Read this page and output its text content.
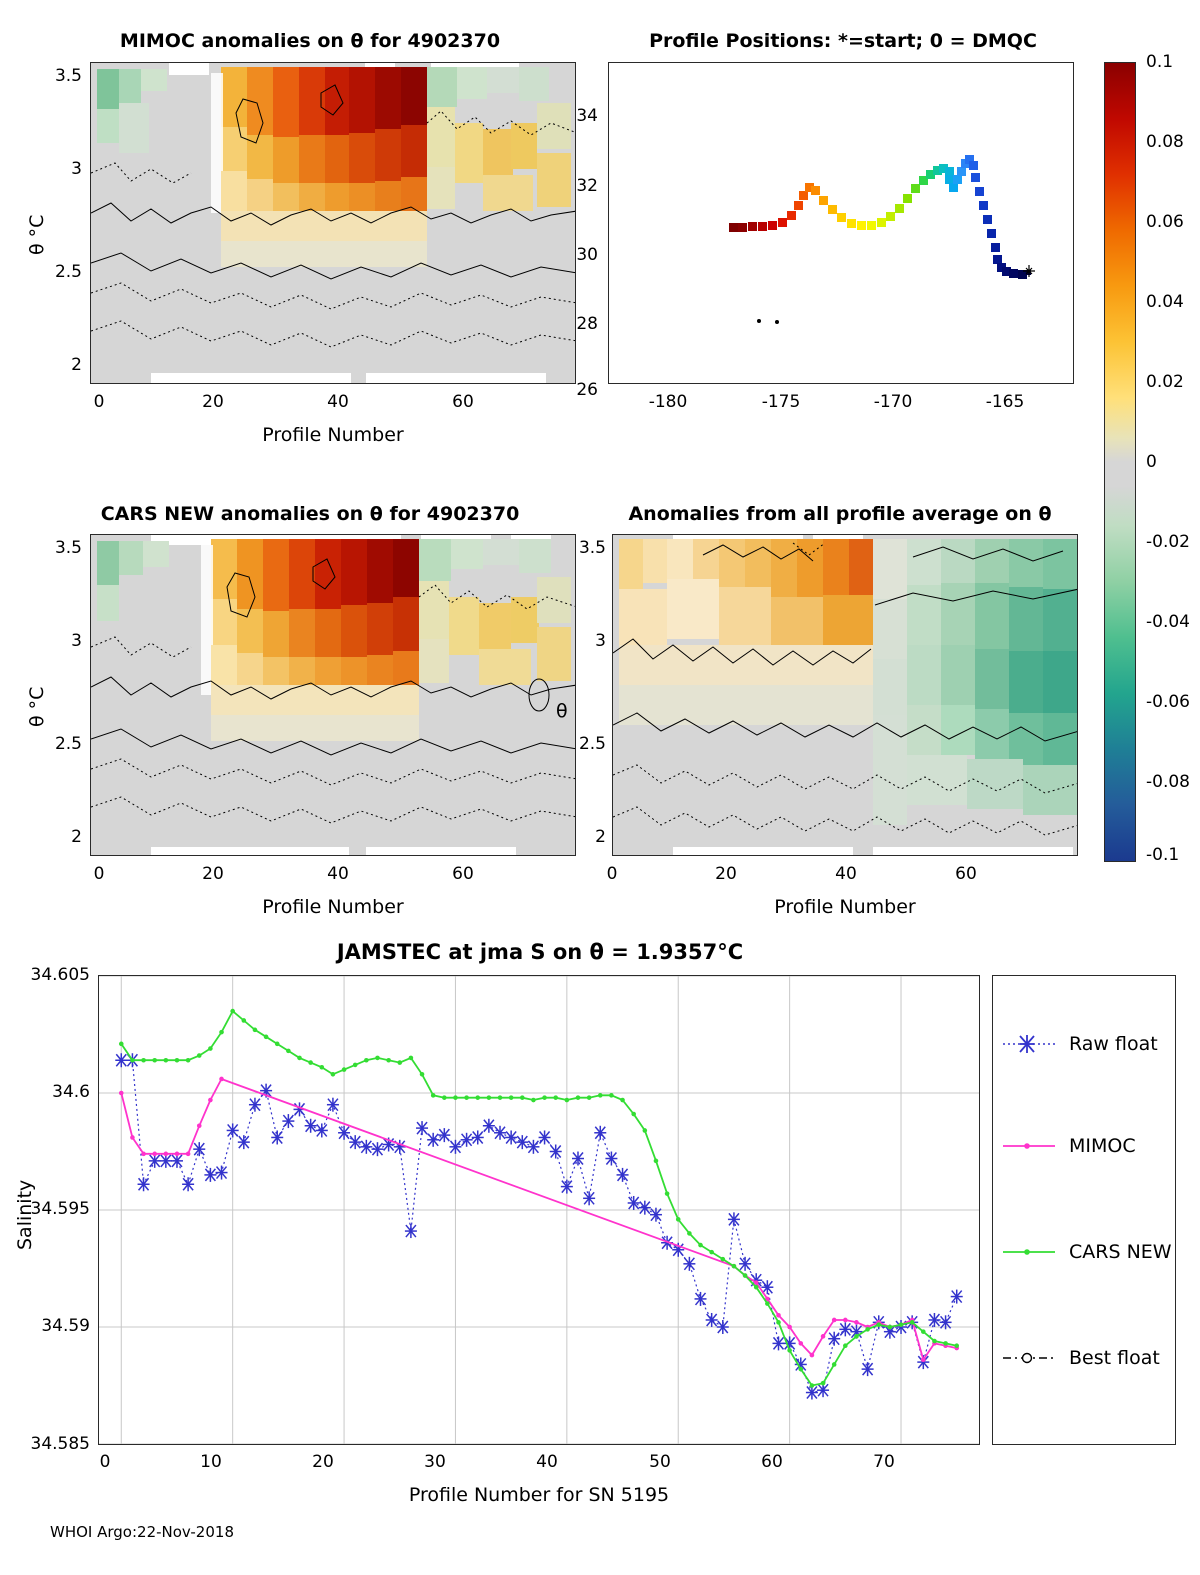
MIMOC anomalies on θ for 4902370
3.5
3
2.5
2
0	20	40	60
Profile Number
θ °C
Profile Positions: *=start; 0 = DMQC
34
32
30
28
26
-180	-175	-170	-165
0.1
0.08
0.06
0.04
0.02
0
-0.02
-0.04
-0.06
-0.08
-0.1
CARS NEW anomalies on θ for 4902370
θ
3.5
3
2.5
2
0	20	40	60
Profile Number
θ °C
Anomalies from all profile average on θ
3.5
3
2.5
2
0	20	40	60
Profile Number
JAMSTEC at jma S on θ = 1.9357°C
34.605
34.6
34.595
34.59
34.585
0	10	20	30	40	50	60	70
Profile Number for SN 5195
Salinity
Raw float
MIMOC
CARS NEW
Best float
WHOI Argo:22-Nov-2018
